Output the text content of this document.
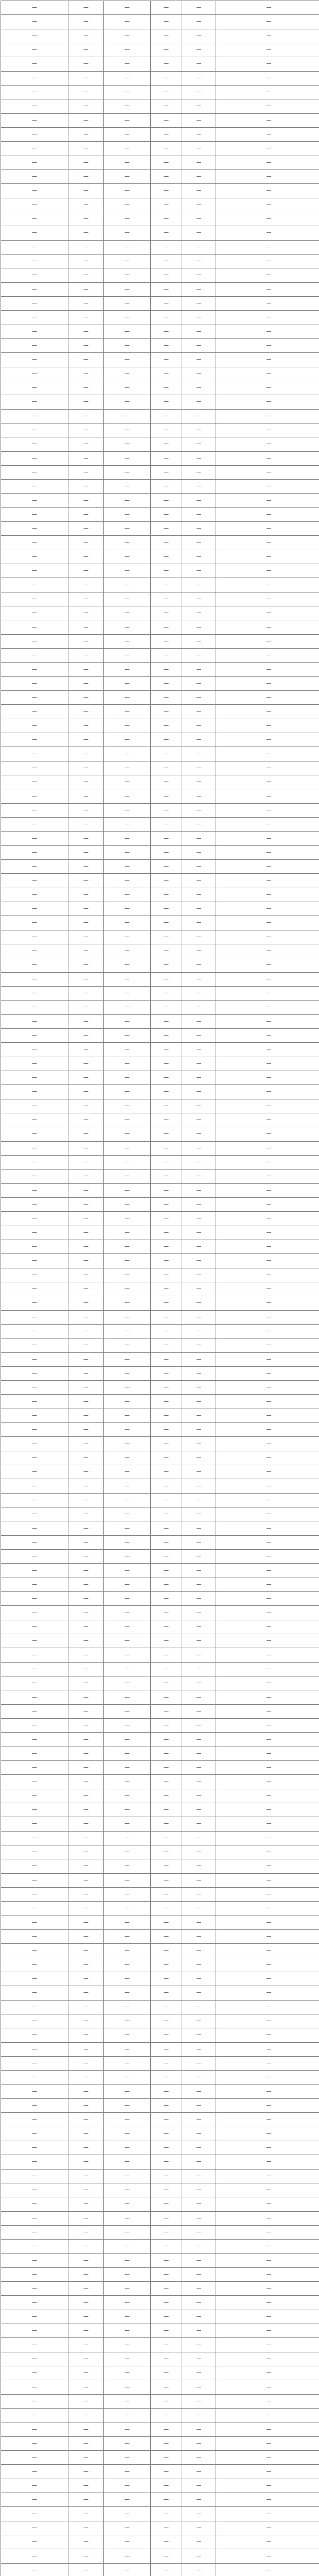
—	—	—	—	—	—
—	—	—	—	—	—
—	—	—	—	—	—
—	—	—	—	—	—
—	—	—	—	—	—
—	—	—	—	—	—
—	—	—	—	—	—
—	—	—	—	—	—
—	—	—	—	—	—
—	—	—	—	—	—
—	—	—	—	—	—
—	—	—	—	—	—
—	—	—	—	—	—
—	—	—	—	—	—
—	—	—	—	—	—
—	—	—	—	—	—
—	—	—	—	—	—
—	—	—	—	—	—
—	—	—	—	—	—
—	—	—	—	—	—
—	—	—	—	—	—
—	—	—	—	—	—
—	—	—	—	—	—
—	—	—	—	—	—
—	—	—	—	—	—
—	—	—	—	—	—
—	—	—	—	—	—
—	—	—	—	—	—
—	—	—	—	—	—
—	—	—	—	—	—
—	—	—	—	—	—
—	—	—	—	—	—
—	—	—	—	—	—
—	—	—	—	—	—
—	—	—	—	—	—
—	—	—	—	—	—
—	—	—	—	—	—
—	—	—	—	—	—
—	—	—	—	—	—
—	—	—	—	—	—
—	—	—	—	—	—
—	—	—	—	—	—
—	—	—	—	—	—
—	—	—	—	—	—
—	—	—	—	—	—
—	—	—	—	—	—
—	—	—	—	—	—
—	—	—	—	—	—
—	—	—	—	—	—
—	—	—	—	—	—
—	—	—	—	—	—
—	—	—	—	—	—
—	—	—	—	—	—
—	—	—	—	—	—
—	—	—	—	—	—
—	—	—	—	—	—
—	—	—	—	—	—
—	—	—	—	—	—
—	—	—	—	—	—
—	—	—	—	—	—
—	—	—	—	—	—
—	—	—	—	—	—
—	—	—	—	—	—
—	—	—	—	—	—
—	—	—	—	—	—
—	—	—	—	—	—
—	—	—	—	—	—
—	—	—	—	—	—
—	—	—	—	—	—
—	—	—	—	—	—
—	—	—	—	—	—
—	—	—	—	—	—
—	—	—	—	—	—
—	—	—	—	—	—
—	—	—	—	—	—
—	—	—	—	—	—
—	—	—	—	—	—
—	—	—	—	—	—
—	—	—	—	—	—
—	—	—	—	—	—
—	—	—	—	—	—
—	—	—	—	—	—
—	—	—	—	—	—
—	—	—	—	—	—
—	—	—	—	—	—
—	—	—	—	—	—
—	—	—	—	—	—
—	—	—	—	—	—
—	—	—	—	—	—
—	—	—	—	—	—
—	—	—	—	—	—
—	—	—	—	—	—
—	—	—	—	—	—
—	—	—	—	—	—
—	—	—	—	—	—
—	—	—	—	—	—
—	—	—	—	—	—
—	—	—	—	—	—
—	—	—	—	—	—
—	—	—	—	—	—
—	—	—	—	—	—
—	—	—	—	—	—
—	—	—	—	—	—
—	—	—	—	—	—
—	—	—	—	—	—
—	—	—	—	—	—
—	—	—	—	—	—
—	—	—	—	—	—
—	—	—	—	—	—
—	—	—	—	—	—
—	—	—	—	—	—
—	—	—	—	—	—
—	—	—	—	—	—
—	—	—	—	—	—
—	—	—	—	—	—
—	—	—	—	—	—
—	—	—	—	—	—
—	—	—	—	—	—
—	—	—	—	—	—
—	—	—	—	—	—
—	—	—	—	—	—
—	—	—	—	—	—
—	—	—	—	—	—
—	—	—	—	—	—
—	—	—	—	—	—
—	—	—	—	—	—
—	—	—	—	—	—
—	—	—	—	—	—
—	—	—	—	—	—
—	—	—	—	—	—
—	—	—	—	—	—
—	—	—	—	—	—
—	—	—	—	—	—
—	—	—	—	—	—
—	—	—	—	—	—
—	—	—	—	—	—
—	—	—	—	—	—
—	—	—	—	—	—
—	—	—	—	—	—
—	—	—	—	—	—
—	—	—	—	—	—
—	—	—	—	—	—
—	—	—	—	—	—
—	—	—	—	—	—
—	—	—	—	—	—
—	—	—	—	—	—
—	—	—	—	—	—
—	—	—	—	—	—
—	—	—	—	—	—
—	—	—	—	—	—
—	—	—	—	—	—
—	—	—	—	—	—
—	—	—	—	—	—
—	—	—	—	—	—
—	—	—	—	—	—
—	—	—	—	—	—
—	—	—	—	—	—
—	—	—	—	—	—
—	—	—	—	—	—
—	—	—	—	—	—
—	—	—	—	—	—
—	—	—	—	—	—
—	—	—	—	—	—
—	—	—	—	—	—
—	—	—	—	—	—
—	—	—	—	—	—
—	—	—	—	—	—
—	—	—	—	—	—
—	—	—	—	—	—
—	—	—	—	—	—
—	—	—	—	—	—
—	—	—	—	—	—
—	—	—	—	—	—
—	—	—	—	—	—
—	—	—	—	—	—
—	—	—	—	—	—
—	—	—	—	—	—
—	—	—	—	—	—
—	—	—	—	—	—
—	—	—	—	—	—
—	—	—	—	—	—
—	—	—	—	—	—
—	—	—	—	—	—
